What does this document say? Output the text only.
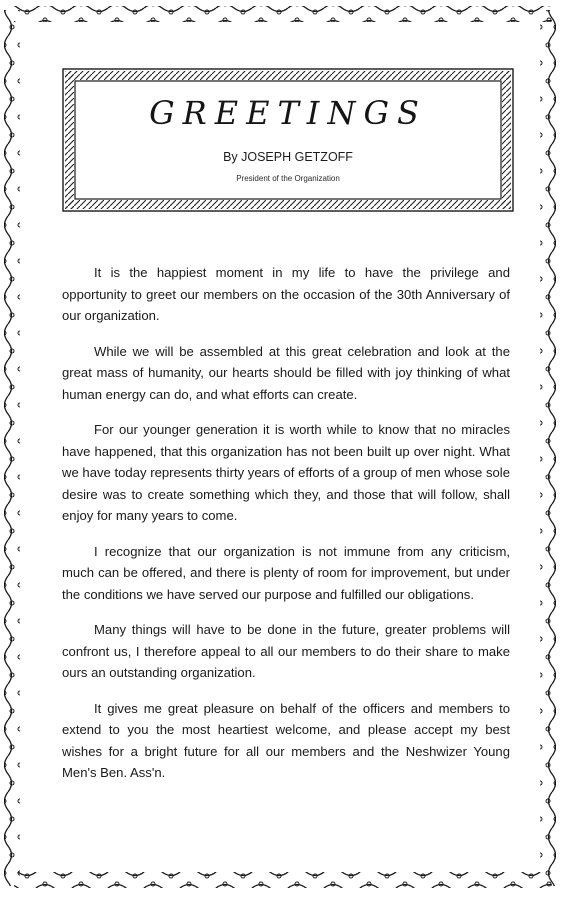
GREETINGS
By JOSEPH GETZOFF
President of the Organization

It is the happiest moment in my life to have the privilege and opportunity to greet our members on the occasion of the 30th Anniversary of our organization.

While we will be assembled at this great celebration and look at the great mass of humanity, our hearts should be filled with joy thinking of what human energy can do, and what efforts can create.

For our younger generation it is worth while to know that no miracles have happened, that this organization has not been built up over night. What we have today represents thirty years of efforts of a group of men whose sole desire was to create something which they, and those that will follow, shall enjoy for many years to come.

I recognize that our organization is not immune from any criticism, much can be offered, and there is plenty of room for improvement, but under the conditions we have served our purpose and fulfilled our obligations.

Many things will have to be done in the future, greater problems will confront us, I therefore appeal to all our members to do their share to make ours an outstanding organization.

It gives me great pleasure on behalf of the officers and members to extend to you the most heartiest welcome, and please accept my best wishes for a bright future for all our members and the Neshwizer Young Men's Ben. Ass'n.
